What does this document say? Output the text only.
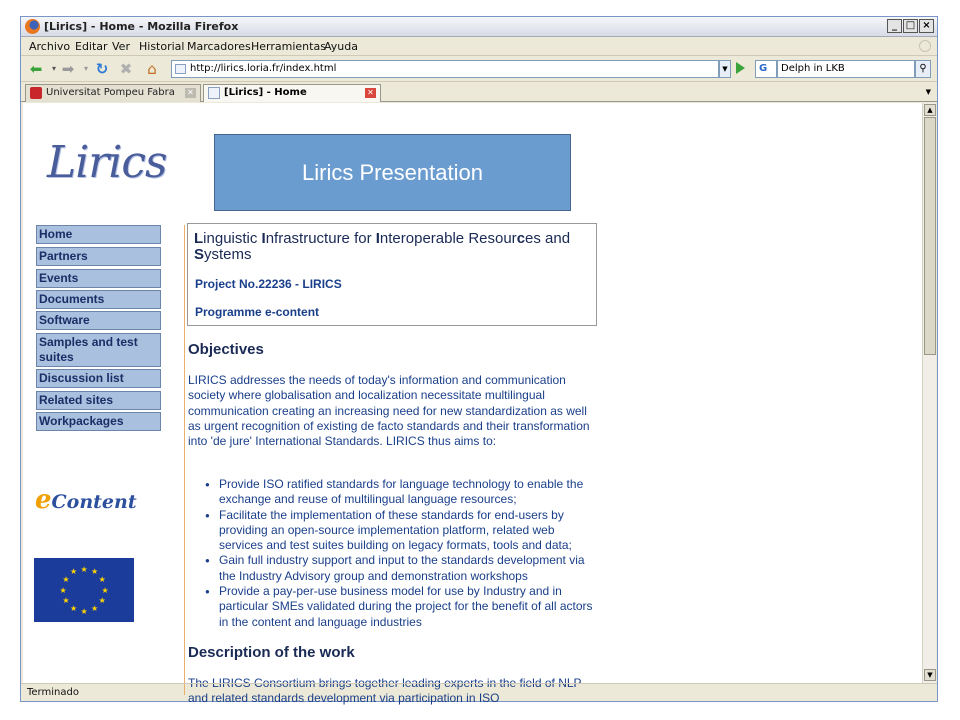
[Lirics] - Home - Mozilla Firefox	_ □ ×
Archivo Editar Ver Historial Marcadores Herramientas
Ayuda
⬅	▾ ➡	▾ ↻ ✖ ⌂	http://lirics.loria.fr/index.html	▼	G	Delph in LKB	⚲
Universitat Pompeu Fabra ✕	[Lirics] - Home	✕	▼
Lirics	Lirics Presentation
Home
Partners
Events
Documents
Software
Samples and test suites
Discussion list
Related sites
Workpackages
eContent
★ ★
★
★
★
★
★
★
★
★
★
★
Linguistic Infrastructure for Interoperable Resources and Systems
Project No.22236 - LIRICS
Programme e-content
Objectives
LIRICS addresses the needs of today's information and communication society where globalisation and localization necessitate multilingual communication creating an increasing need for new standardization as well as urgent recognition of existing de facto standards and their transformation into 'de jure' International Standards. LIRICS thus aims to:
● Provide ISO ratified standards for language technology to enable the exchange and reuse of multilingual language resources;
● Facilitate the implementation of these standards for end-users by providing an open-source implementation platform, related web services and test suites building on legacy formats, tools and data;
● Gain full industry support and input to the standards development via the Industry Advisory group and demonstration workshops
● Provide a pay-per-use business model for use by Industry and in particular SMEs validated during the project for the benefit of all actors in the content and language industries
Description of the work
The LIRICS Consortium brings together leading experts in the field of NLP and related standards development via participation in ISO
▲
▼
Terminado
